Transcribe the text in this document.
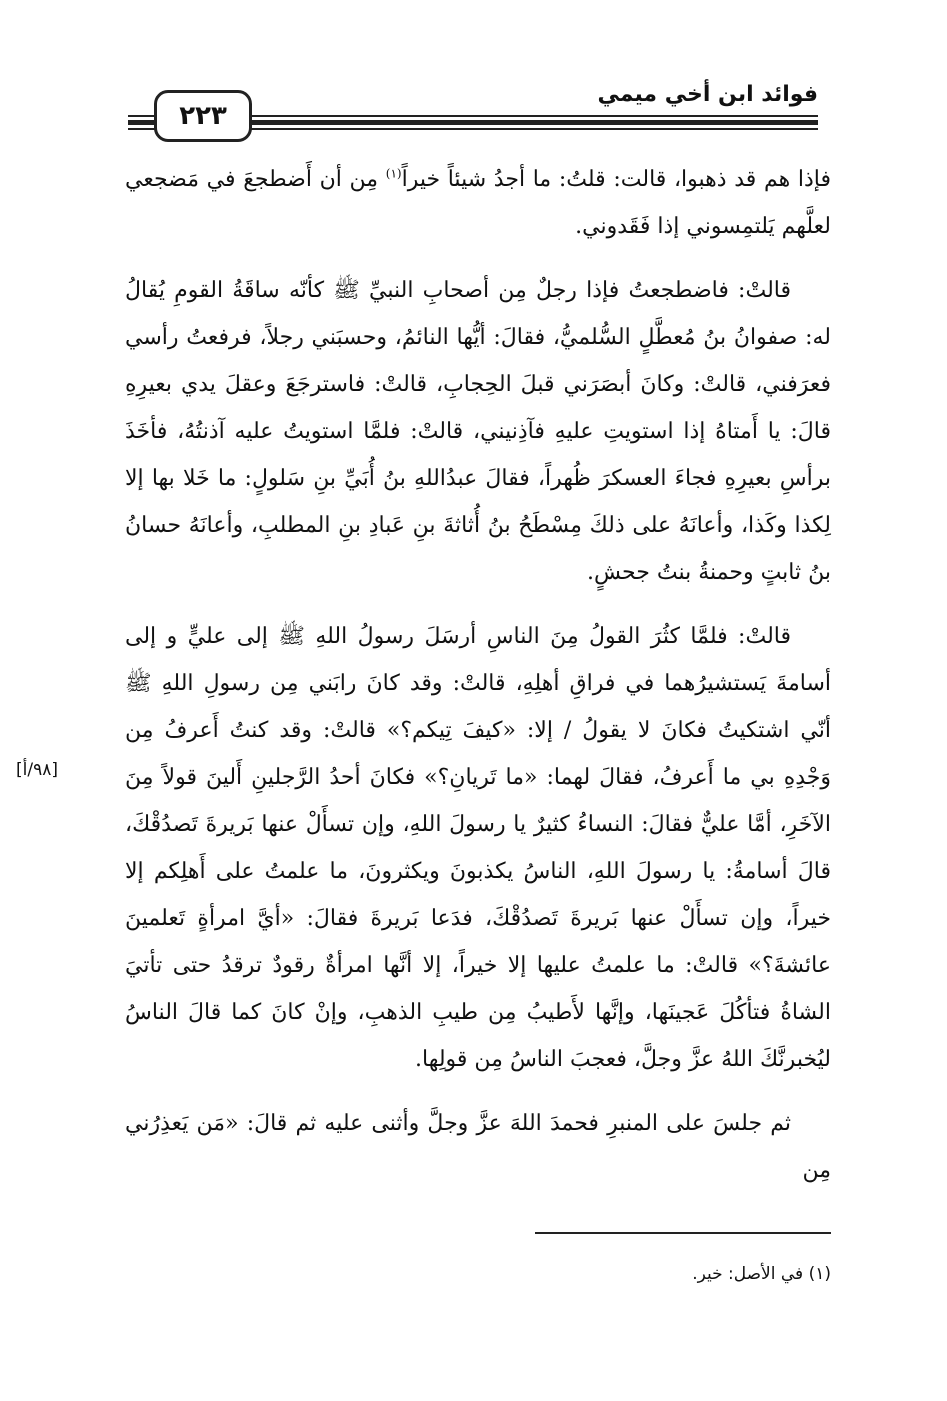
فوائد ابن أخي ميمي
٢٢٣

فإذا هم قد ذهبوا، قالت: قلتُ: ما أجدُ شيئاً خيراً$^{(١)}$ مِن أن أَضطجعَ في مَضجعي لعلَّهم يَلتمِسوني إذا فَقَدوني.

قالتْ: فاضطجعتُ فإذا رجلٌ مِن أصحابِ النبيِّ ﷺ كأنّه ساقَةُ القومِ يُقالُ له: صفوانُ بنُ مُعطَّلٍ السُّلميُّ، فقالَ: أيُّها النائمُ، وحسبَني رجلاً، فرفعتُ رأسي فعرَفني، قالتْ: وكانَ أبصَرَني قبلَ الحِجابِ، قالتْ: فاسترجَعَ وعقلَ يدي بعيرِهِ قالَ: يا أَمتاهُ إذا استويتِ عليهِ فآذِنيني، قالتْ: فلمَّا استويتُ عليه آذنتُهُ، فأخَذَ برأسِ بعيرِهِ فجاءَ العسكرَ ظُهراً، فقالَ عبدُاللهِ بنُ أُبَيِّ بنِ سَلولٍ: ما خَلا بها إلا لِكذا وكَذا، وأعانَهُ على ذلكَ مِسْطَحُ بنُ أُثاثةَ بنِ عَبادِ بنِ المطلبِ، وأعانَهُ حسانُ بنُ ثابتٍ وحمنةُ بنتُ جحشٍ.

قالتْ: فلمَّا كثُرَ القولُ مِنَ الناسِ أرسَلَ رسولُ اللهِ ﷺ إلى عليٍّ و إلى أسامةَ يَستشيرُهما في فراقِ أهلِهِ، قالتْ: وقد كانَ رابَني مِن رسولِ اللهِ ﷺ أنّي اشتكيتُ فكانَ لا يقولُ / إلا: «كيفَ تِيكم؟» قالتْ: وقد كنتُ أَعرفُ مِن وَجْدِهِ بي ما أَعرفُ، فقالَ لهما: «ما تَريانِ؟» فكانَ أحدُ الرَّجلينِ أَلينَ قولاً مِنَ الآخَرِ، أمَّا عليٌّ فقالَ: النساءُ كثيرٌ يا رسولَ اللهِ، وإن تسأَلْ عنها بَريرةَ تَصدُقْكَ، قالَ أسامةُ: يا رسولَ اللهِ، الناسُ يكذبونَ ويكثرونَ، ما علمتُ على أَهلِكم إلا خيراً، وإن تسأَلْ عنها بَريرةَ تَصدُقْكَ، فدَعا بَريرةَ فقالَ: «أيَّ امرأةٍ تَعلمينَ عائشةَ؟» قالتْ: ما علمتُ عليها إلا خيراً، إلا أنَّها امرأةٌ رقودٌ ترقدُ حتى تأتيَ الشاةُ فتأكُلَ عَجينَها، وإنَّها لأَطيبُ مِن طيبِ الذهبِ، وإنْ كانَ كما قالَ الناسُ ليُخبرنَّكَ اللهُ عزَّ وجلَّ، فعجبَ الناسُ مِن قولِها.

ثم جلسَ على المنبرِ فحمدَ اللهَ عزَّ وجلَّ وأثنى عليه ثم قالَ: «مَن يَعذِرُني مِن

[٩٨/أ]
(١) في الأصل: خير.
